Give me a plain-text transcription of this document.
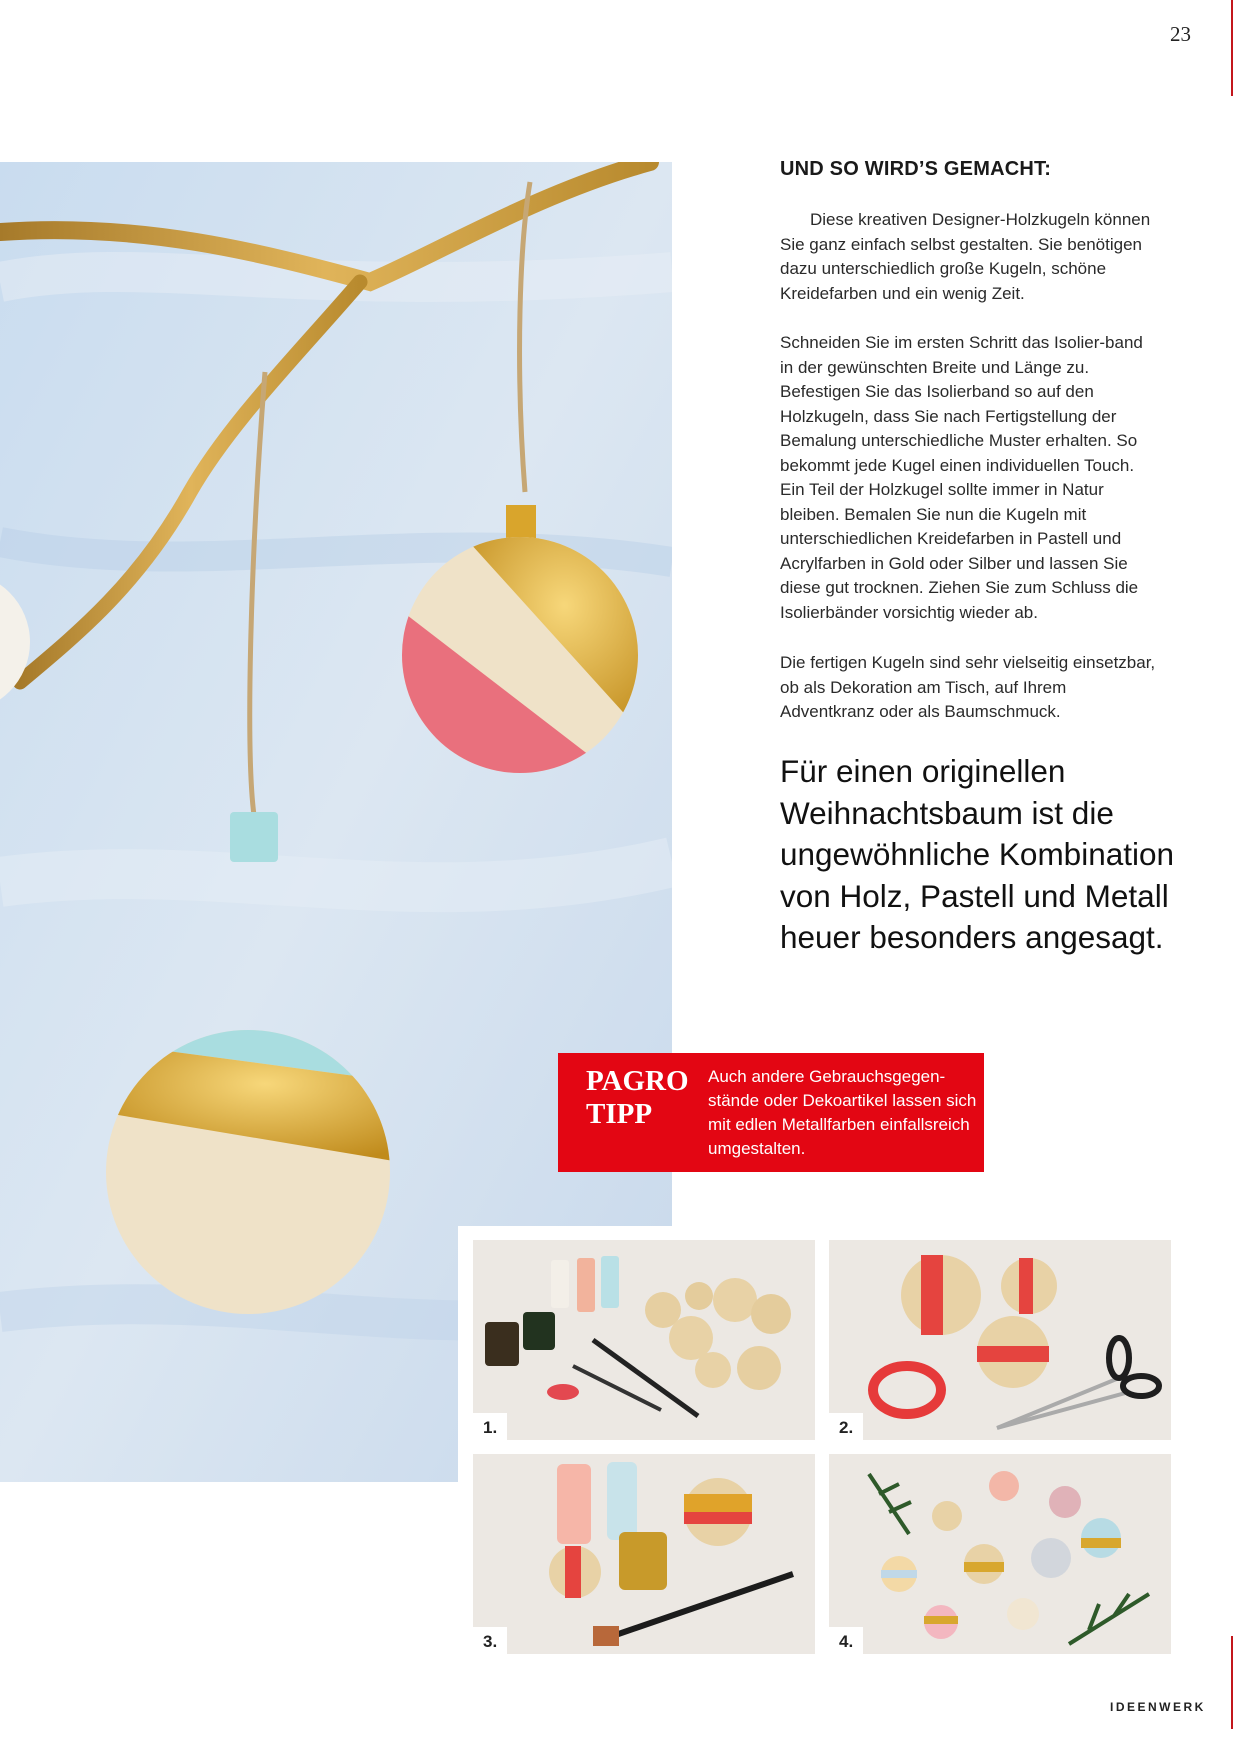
23
IDEENWERK
UND SO WIRD’S GEMACHT:

Diese kreativen Designer-Holzkugeln können Sie ganz einfach selbst gestalten. Sie benötigen dazu unterschiedlich große Kugeln, schöne Kreidefarben und ein wenig Zeit.

Schneiden Sie im ersten Schritt das Isolier-band in der gewünschten Breite und Länge zu. Befestigen Sie das Isolierband so auf den Holzkugeln, dass Sie nach Fertigstellung der Bemalung unterschiedliche Muster erhalten. So bekommt jede Kugel einen individuellen Touch. Ein Teil der Holzkugel sollte immer in Natur bleiben. Bemalen Sie nun die Kugeln mit unterschiedlichen Kreidefarben in Pastell und Acrylfarben in Gold oder Silber und lassen Sie diese gut trocknen. Ziehen Sie zum Schluss die Isolierbänder vorsichtig wieder ab.

Die fertigen Kugeln sind sehr vielseitig einsetzbar, ob als Dekoration am Tisch, auf Ihrem Adventkranz oder als Baumschmuck.

Für einen originellen Weihnachtsbaum ist die ungewöhnliche Kombination von Holz, Pastell und Metall heuer besonders angesagt.
PAGRO
TIPP
Auch andere Gebrauchsgegen-stände oder Dekoartikel lassen sich mit edlen Metallfarben einfallsreich umgestalten.
1.	2.
3.	4.
